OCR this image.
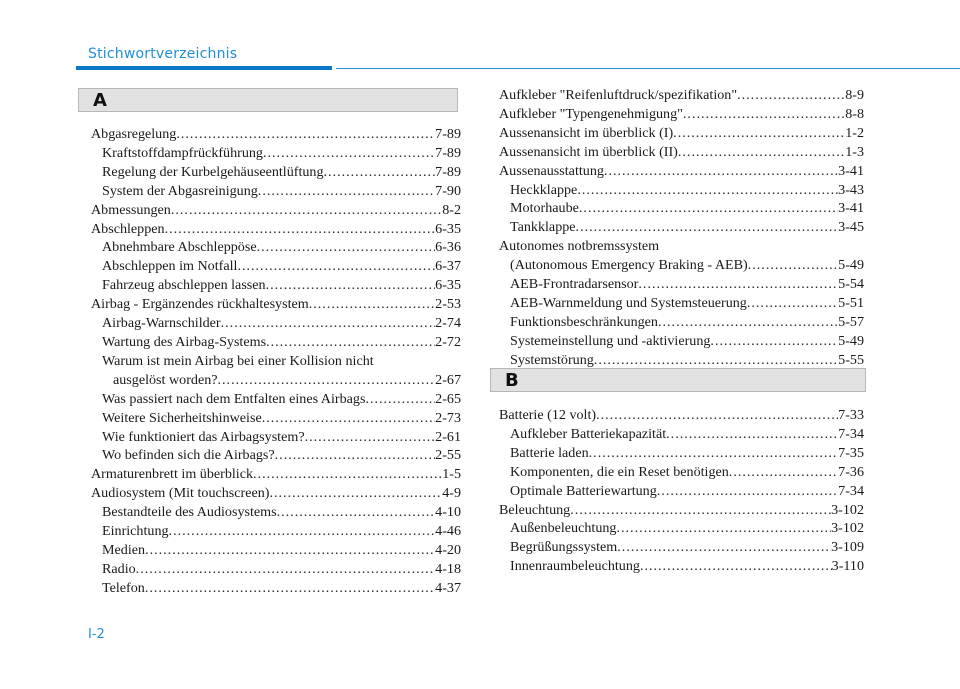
Stichwortverzeichnis
A
Abgasregelung .....	7-89
Kraftstoffdampfrückführung .....	7-89
Regelung der Kurbelgehäuseentlüftung .....	7-89
System der Abgasreinigung .....	7-90
Abmessungen .....	8-2
Abschleppen .....	6-35
Abnehmbare Abschleppöse .....	6-36
Abschleppen im Notfall .....	6-37
Fahrzeug abschleppen lassen .....	6-35
Airbag - Ergänzendes rückhaltesystem .....	2-53
Airbag-Warnschilder .....	2-74
Wartung des Airbag-Systems .....	2-72
Warum ist mein Airbag bei einer Kollision nicht
ausgelöst worden? .....	2-67
Was passiert nach dem Entfalten eines Airbags .....	2-65
Weitere Sicherheitshinweise .....	2-73
Wie funktioniert das Airbagsystem? .....	2-61
Wo befinden sich die Airbags? .....	2-55
Armaturenbrett im überblick .....	1-5
Audiosystem (Mit touchscreen) .....	4-9
Bestandteile des Audiosystems .....	4-10
Einrichtung .....	4-46
Medien .....	4-20
Radio .....	4-18
Telefon .....	4-37
Aufkleber "Reifenluftdruck/spezifikation" .....	8-9
Aufkleber "Typengenehmigung" .....	8-8
Aussenansicht im überblick (I) .....	1-2
Aussenansicht im überblick (II) .....	1-3
Aussenausstattung .....	3-41
Heckklappe .....	3-43
Motorhaube .....	3-41
Tankklappe .....	3-45
Autonomes notbremssystem
(Autonomous Emergency Braking - AEB) .....	5-49
AEB-Frontradarsensor .....	5-54
AEB-Warnmeldung und Systemsteuerung .....	5-51
Funktionsbeschränkungen .....	5-57
Systemeinstellung und -aktivierung .....	5-49
Systemstörung .....	5-55
B
Batterie (12 volt) .....	7-33
Aufkleber Batteriekapazität .....	7-34
Batterie laden .....	7-35
Komponenten, die ein Reset benötigen .....	7-36
Optimale Batteriewartung .....	7-34
Beleuchtung .....	3-102
Außenbeleuchtung .....	3-102
Begrüßungssystem .....	3-109
Innenraumbeleuchtung .....	3-110
I-2
